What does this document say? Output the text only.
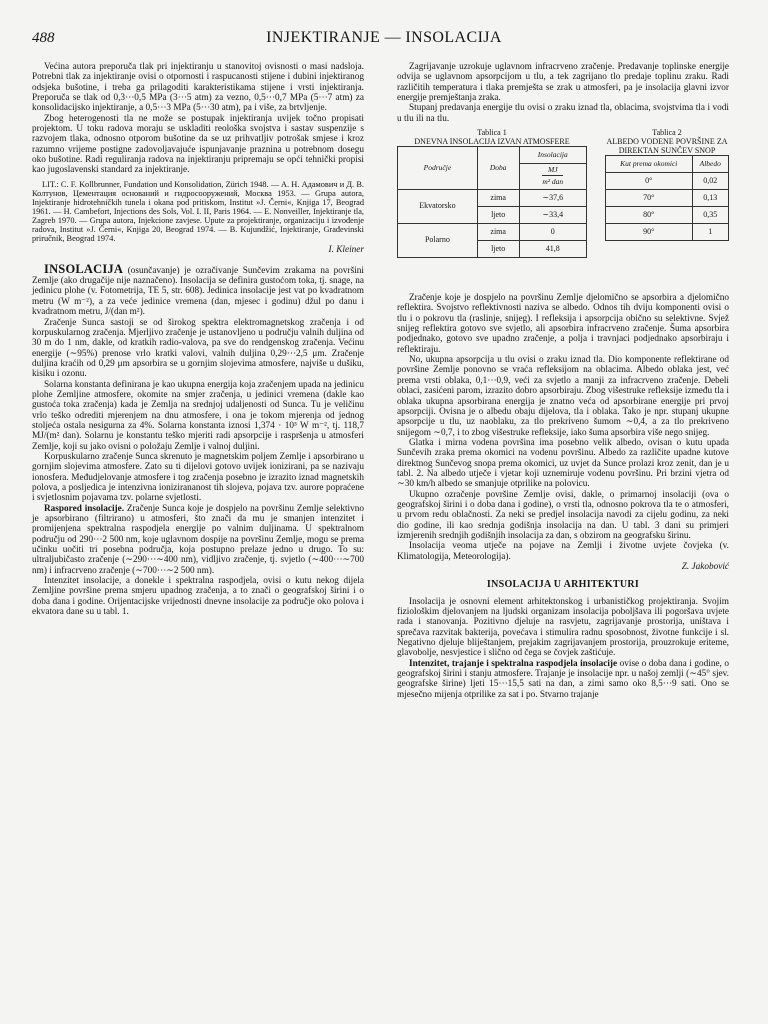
488	INJEKTIRANJE — INSOLACIJA

Većina autora preporuča tlak pri injektiranju u stanovitoj ovisnosti o masi nadsloja. Potrebni tlak za injektiranje ovisi o otpornosti i raspucanosti stijene i dubini injektiranog odsjeka bušotine, i treba ga prilagoditi karakteristikama stijene i vrsti injektiranja. Preporuča se tlak od 0,3⋯0,5 MPa (3⋯5 atm) za vezno, 0,5⋯0,7 MPa (5⋯7 atm) za konsolidacijsko injektiranje, a 0,5⋯3 MPa (5⋯30 atm), pa i više, za brtvljenje.

Zbog heterogenosti tla ne može se postupak injektiranja uvijek točno propisati projektom. U toku radova moraju se uskladiti reološka svojstva i sastav suspenzije s razvojem tlaka, odnosno otporom bušotine da se uz prihvatljiv potrošak smjese i kroz razumno vrijeme postigne zadovoljavajuće ispunjavanje praznina u potrebnom dosegu oko bušotine. Radi reguliranja radova na injektiranju pripremaju se opći tehnički propisi kao jugoslavenski standard za injektiranje.

LIT.: C. F. Kollbrunner, Fundation und Konsolidation, Zürich 1948. — A. H. Адамович и Д. В. Колтунов, Цементация оснований и гидросооружений, Москва 1953. — Grupa autora, Injektiranje hidrotehničkih tunela i okana pod pritiskom, Institut »J. Černi«, Knjiga 17, Beograd 1961. — H. Cambefort, Injections des Sols, Vol. I. II, Paris 1964. — E. Nonveiller, Injektiranje tla, Zagreb 1970. — Grupa autora, Injekcione zavjese. Upute za projektiranje, organizaciju i izvođenje radova, Institut »J. Černi«, Knjiga 20, Beograd 1974. — B. Kujundžić, Injektiranje, Građevinski priručnik, Beograd 1974.

I. Kleiner

INSOLACIJA (osunčavanje) je ozračivanje Sunčevim zrakama na površini Zemlje (ako drugačije nije naznačeno). Insolacija se definira gustoćom toka, tj. snage, na jedinicu plohe (v. Fotometrija, TE 5, str. 608). Jedinica insolacije jest vat po kvadratnom metru (W m⁻²), a za veće jedinice vremena (dan, mjesec i godinu) džul po danu i kvadratnom metru, J/(dan m²).

Zračenje Sunca sastoji se od širokog spektra elektromagnetskog zračenja i od korpuskularnog zračenja. Mjerljivo zračenje je ustanovljeno u području valnih duljina od 30 m do 1 nm, dakle, od kratkih radio-valova, pa sve do rendgenskog zračenja. Većinu energije (∼95%) prenose vrlo kratki valovi, valnih duljina 0,29⋯2,5 μm. Zračenje duljina kraćih od 0,29 μm apsorbira se u gornjim slojevima atmosfere, najviše u dušiku, kisiku i ozonu.

Solarna konstanta definirana je kao ukupna energija koja zračenjem upada na jedinicu plohe Zemljine atmosfere, okomite na smjer zračenja, u jedinici vremena (dakle kao gustoća toka zračenja) kada je Zemlja na srednjoj udaljenosti od Sunca. Tu je veličinu vrlo teško odrediti mjerenjem na dnu atmosfere, i ona je tokom mjerenja od jednog stoljeća ostala nesigurna za 4%. Solarna konstanta iznosi 1,374 · 10³ W m⁻², tj. 118,7 MJ/(m² dan). Solarnu je konstantu teško mjeriti radi apsorpcije i raspršenja u atmosferi Zemlje, koji su jako ovisni o položaju Zemlje i valnoj duljini.

Korpuskularno zračenje Sunca skrenuto je magnetskim poljem Zemlje i apsorbirano u gornjim slojevima atmosfere. Zato su ti dijelovi gotovo uvijek ionizirani, pa se nazivaju ionosfera. Međudjelovanje atmosfere i tog zračenja posebno je izrazito iznad magnetskih polova, a posljedica je intenzivna ionizirananost tih slojeva, pojava tzv. aurore popraćene i svjetlosnim pojavama tzv. polarne svjetlosti.

Raspored insolacije. Zračenje Sunca koje je dospjelo na površinu Zemlje selektivno je apsorbirano (filtrirano) u atmosferi, što znači da mu je smanjen intenzitet i promijenjena spektralna raspodjela energije po valnim duljinama. U spektralnom području od 290⋯2 500 nm, koje uglavnom dospije na površinu Zemlje, mogu se prema učinku uočiti tri posebna područja, koja postupno prelaze jedno u drugo. To su: ultraljubičasto zračenje (∼290⋯∼400 nm), vidljivo zračenje, tj. svjetlo (∼400⋯∼700 nm) i infracrveno zračenje (∼700⋯∼2 500 nm).

Intenzitet insolacije, a donekle i spektralna raspodjela, ovisi o kutu nekog dijela Zemljine površine prema smjeru upadnog zračenja, a to znači o geografskoj širini i o doba dana i godine. Orijentacijske vrijednosti dnevne insolacije za područje oko polova i ekvatora dane su u tabl. 1.

Zagrijavanje uzrokuje uglavnom infracrveno zračenje. Predavanje toplinske energije odvija se uglavnom apsorpcijom u tlu, a tek zagrijano tlo predaje toplinu zraku. Radi različitih temperatura i tlaka premješta se zrak u atmosferi, pa je insolacija glavni izvor energije premještanja zraka.

Stupanj predavanja energije tlu ovisi o zraku iznad tla, oblacima, svojstvima tla i vodi u tlu ili na tlu.

Tablica 1
DNEVNA INSOLACIJA IZVAN ATMOSFERE
Područje	Doba	Insolacija
		MJ
m² dan
Ekvatorsko	zima	∼37,6
	ljeto	∼33,4
Polarno	zima	0
	ljeto	41,8
Tablica 2
ALBEDO VODENE POVRŠINE ZA DIREKTAN SUNČEV SNOP
Kut prema okomici	Albedo
0°	0,02
70°	0,13
80°	0,35
90°	1

Zračenje koje je dospjelo na površinu Zemlje djelomično se apsorbira a djelomično reflektira. Svojstvo reflektivnosti naziva se albedo. Odnos tih dviju komponenti ovisi o tlu i o pokrovu tla (raslinje, snijeg). I refleksija i apsorpcija obično su selektivne. Svjež snijeg reflektira gotovo sve svjetlo, ali apsorbira infracrveno zračenje. Šuma apsorbira podjednako, gotovo sve upadno zračenje, a polja i travnjaci podjednako apsorbiraju i reflektiraju.

No, ukupna apsorpcija u tlu ovisi o zraku iznad tla. Dio komponente reflektirane od površine Zemlje ponovno se vraća refleksijom na oblacima. Albedo oblaka jest, već prema vrsti oblaka, 0,1⋯0,9, veći za svjetlo a manji za infracrveno zračenje. Debeli oblaci, zasićeni parom, izrazito dobro apsorbiraju. Zbog višestruke refleksije između tla i oblaka ukupna apsorbirana energija je znatno veća od apsorbirane energije pri prvoj apsorpciji. Ovisna je o albedu obaju dijelova, tla i oblaka. Tako je npr. stupanj ukupne apsorpcije u tlu, uz naoblaku, za tlo prekriveno šumom ∼0,4, a za tlo prekriveno snijegom ∼0,7, i to zbog višestruke refleksije, iako šuma apsorbira više nego snijeg.

Glatka i mirna vodena površina ima posebno velik albedo, ovisan o kutu upada Sunčevih zraka prema okomici na vodenu površinu. Albedo za različite upadne kutove direktnog Sunčevog snopa prema okomici, uz uvjet da Sunce prolazi kroz zenit, dan je u tabl. 2. Na albedo utječe i vjetar koji uznemiruje vodenu površinu. Pri brzini vjetra od ∼30 km/h albedo se smanjuje otprilike na polovicu.

Ukupno ozračenje površine Zemlje ovisi, dakle, o primarnoj insolaciji (ova o geografskoj širini i o doba dana i godine), o vrsti tla, odnosno pokrova tla te o atmosferi, u prvom redu oblačnosti. Za neki se predjel insolacija navodi za cijelu godinu, za neki dio godine, ili kao srednja godišnja insolacija na dan. U tabl. 3 dani su primjeri izmjerenih srednjih godišnjih insolacija za dan, s obzirom na geografsku širinu.

Insolacija veoma utječe na pojave na Zemlji i životne uvjete čovjeka (v. Klimatologija, Meteorologija).

Z. Jakobović

INSOLACIJA U ARHITEKTURI

Insolacija je osnovni element arhitektonskog i urbanističkog projektiranja. Svojim fiziološkim djelovanjem na ljudski organizam insolacija poboljšava ili pogoršava uvjete rada i stanovanja. Pozitivno djeluje na rasvjetu, zagrijavanje prostorija, uništava i sprečava razvitak bakterija, povećava i stimulira radnu sposobnost, životne funkcije i sl. Negativno djeluje bliještanjem, prejakim zagrijavanjem prostorija, prouzrokuje eriteme, glavobolje, nesvjestice i slično od čega se čovjek zaštićuje.

Intenzitet, trajanje i spektralna raspodjela insolacije ovise o doba dana i godine, o geografskoj širini i stanju atmosfere. Trajanje je insolacije npr. u našoj zemlji (∼45° sjev. geografske širine) ljeti 15⋯15,5 sati na dan, a zimi samo oko 8,5⋯9 sati. Ono se mjesečno mijenja otprilike za sat i po. Stvarno trajanje
